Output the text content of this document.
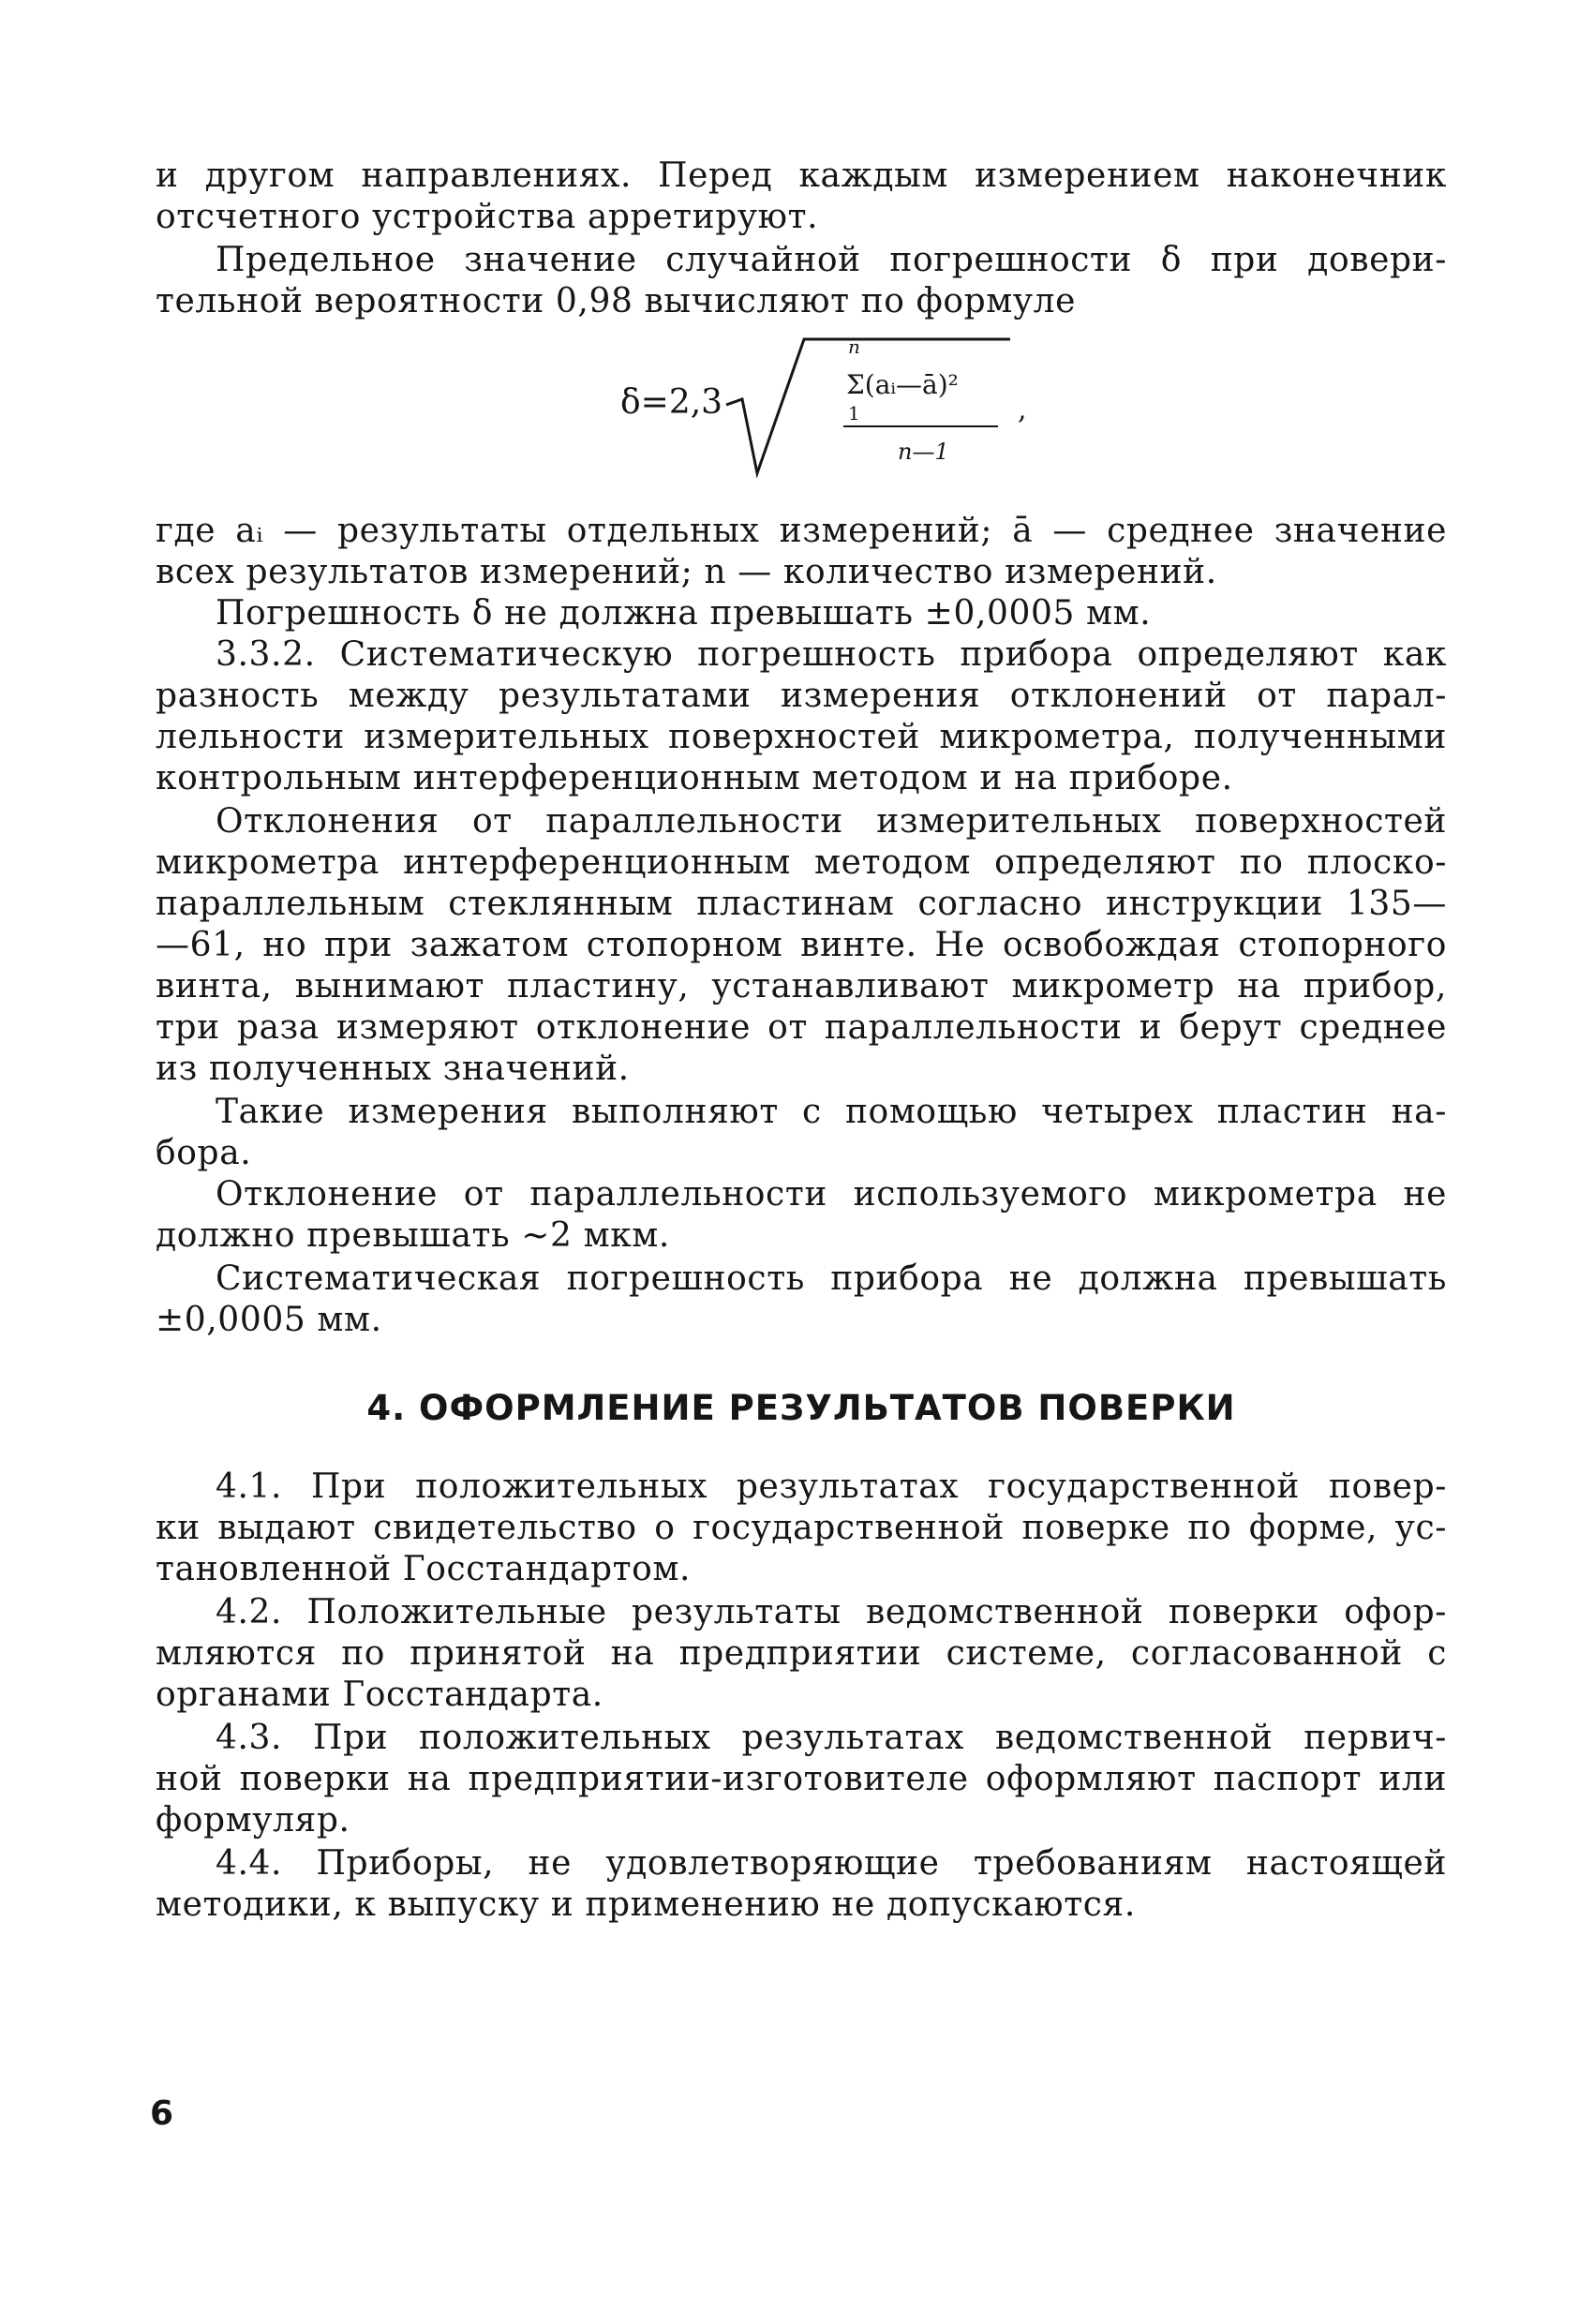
и другом направлениях. Перед каждым измерением наконечник
отсчетного устройства арретируют.
Предельное значение случайной погрешности δ при довери-
тельной вероятности 0,98 вычисляют по формуле
δ=2,3
n
1
Σ(aᵢ—ā)²
n—1
,
где aᵢ — результаты отдельных измерений; ā — среднее значение
всех результатов измерений; n — количество измерений.
Погрешность δ не должна превышать ±0,0005 мм.
3.3.2. Систематическую погрешность прибора определяют как
разность между результатами измерения отклонений от парал-
лельности измерительных поверхностей микрометра, полученными
контрольным интерференционным методом и на приборе.
Отклонения от параллельности измерительных поверхностей
микрометра интерференционным методом определяют по плоско-
параллельным стеклянным пластинам согласно инструкции 135—
—61, но при зажатом стопорном винте. Не освобождая стопорного
винта, вынимают пластину, устанавливают микрометр на прибор,
три раза измеряют отклонение от параллельности и берут среднее
из полученных значений.
Такие измерения выполняют с помощью четырех пластин на-
бора.
Отклонение от параллельности используемого микрометра не
должно превышать ~2 мкм.
Систематическая погрешность прибора не должна превышать
±0,0005 мм.
4. ОФОРМЛЕНИЕ РЕЗУЛЬТАТОВ ПОВЕРКИ
4.1. При положительных результатах государственной повер-
ки выдают свидетельство о государственной поверке по форме, ус-
тановленной Госстандартом.
4.2. Положительные результаты ведомственной поверки офор-
мляются по принятой на предприятии системе, согласованной с
органами Госстандарта.
4.3. При положительных результатах ведомственной первич-
ной поверки на предприятии-изготовителе оформляют паспорт или
формуляр.
4.4. Приборы, не удовлетворяющие требованиям настоящей
методики, к выпуску и применению не допускаются.
6
